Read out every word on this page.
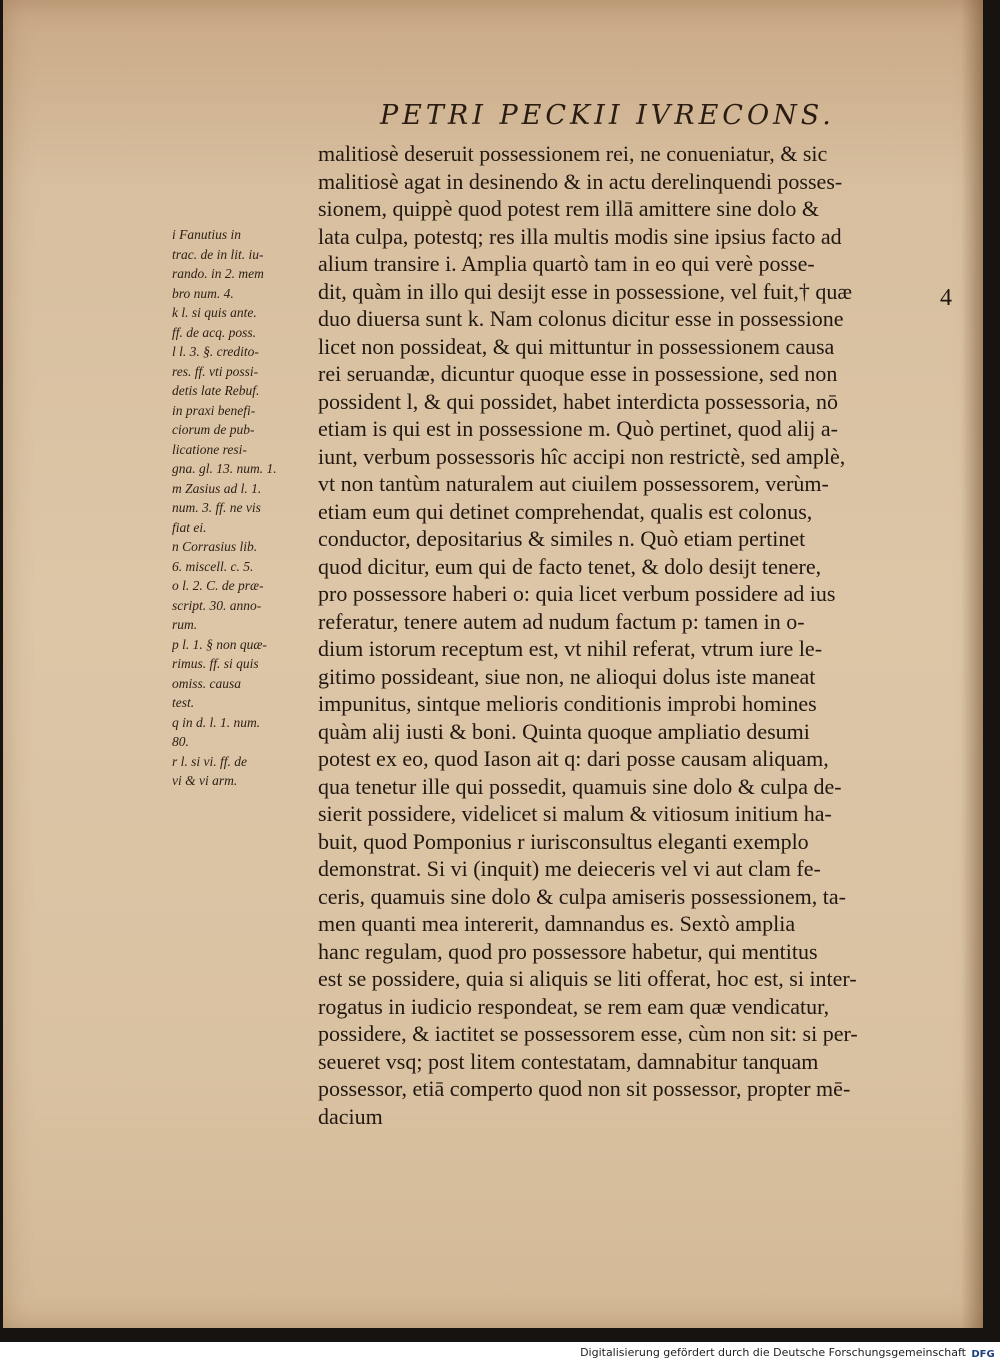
PETRI PECKII IVRECONS.
malitiosè deseruit possessionem rei, ne conueniatur, & sic
malitiosè agat in desinendo & in actu derelinquendi posses-
sionem, quippè quod potest rem illā amittere sine dolo &
lata culpa, potestq; res illa multis modis sine ipsius facto ad
alium transire i. Amplia quartò tam in eo qui verè posse-
dit, quàm in illo qui desijt esse in possessione, vel fuit,† quæ
duo diuersa sunt k. Nam colonus dicitur esse in possessione
licet non possideat, & qui mittuntur in possessionem causa
rei seruandæ, dicuntur quoque esse in possessione, sed non
possident l, & qui possidet, habet interdicta possessoria, nō
etiam is qui est in possessione m. Quò pertinet, quod alij a-
iunt, verbum possessoris hîc accipi non restrictè, sed amplè,
vt non tantùm naturalem aut ciuilem possessorem, verùm-
etiam eum qui detinet comprehendat, qualis est colonus,
conductor, depositarius & similes n. Quò etiam pertinet
quod dicitur, eum qui de facto tenet, & dolo desijt tenere,
pro possessore haberi o: quia licet verbum possidere ad ius
referatur, tenere autem ad nudum factum p: tamen in o-
dium istorum receptum est, vt nihil referat, vtrum iure le-
gitimo possideant, siue non, ne alioqui dolus iste maneat
impunitus, sintque melioris conditionis improbi homines
quàm alij iusti & boni. Quinta quoque ampliatio desumi
potest ex eo, quod Iason ait q: dari posse causam aliquam,
qua tenetur ille qui possedit, quamuis sine dolo & culpa de-
sierit possidere, videlicet si malum & vitiosum initium ha-
buit, quod Pomponius r iurisconsultus eleganti exemplo
demonstrat. Si vi (inquit) me deieceris vel vi aut clam fe-
ceris, quamuis sine dolo & culpa amiseris possessionem, ta-
men quanti mea intererit, damnandus es. Sextò amplia
hanc regulam, quod pro possessore habetur, qui mentitus
est se possidere, quia si aliquis se liti offerat, hoc est, si inter-
rogatus in iudicio respondeat, se rem eam quæ vendicatur,
possidere, & iactitet se possessorem esse, cùm non sit: si per-
seueret vsq; post litem contestatam, damnabitur tanquam
possessor, etiā comperto quod non sit possessor, propter mē-
dacium
4
i Fanutius in
trac. de in lit. iu-
rando. in 2. mem
bro num. 4.
k l. si quis ante.
ff. de acq. poss.
l l. 3. §. credito-
res. ff. vti possi-
detis late Rebuf.
in praxi benefi-
ciorum de pub-
licatione resi-
gna. gl. 13. num. 1.
m Zasius ad l. 1.
num. 3. ff. ne vis
fiat ei.
n Corrasius lib.
6. miscell. c. 5.
o l. 2. C. de præ-
script. 30. anno-
rum.
p l. 1. § non quæ-
rimus. ff. si quis
omiss. causa
test.
q in d. l. 1. num.
80.
r l. si vi. ff. de
vi & vi arm.
Digitalisierung gefördert durch die Deutsche Forschungsgemeinschaft DFG
